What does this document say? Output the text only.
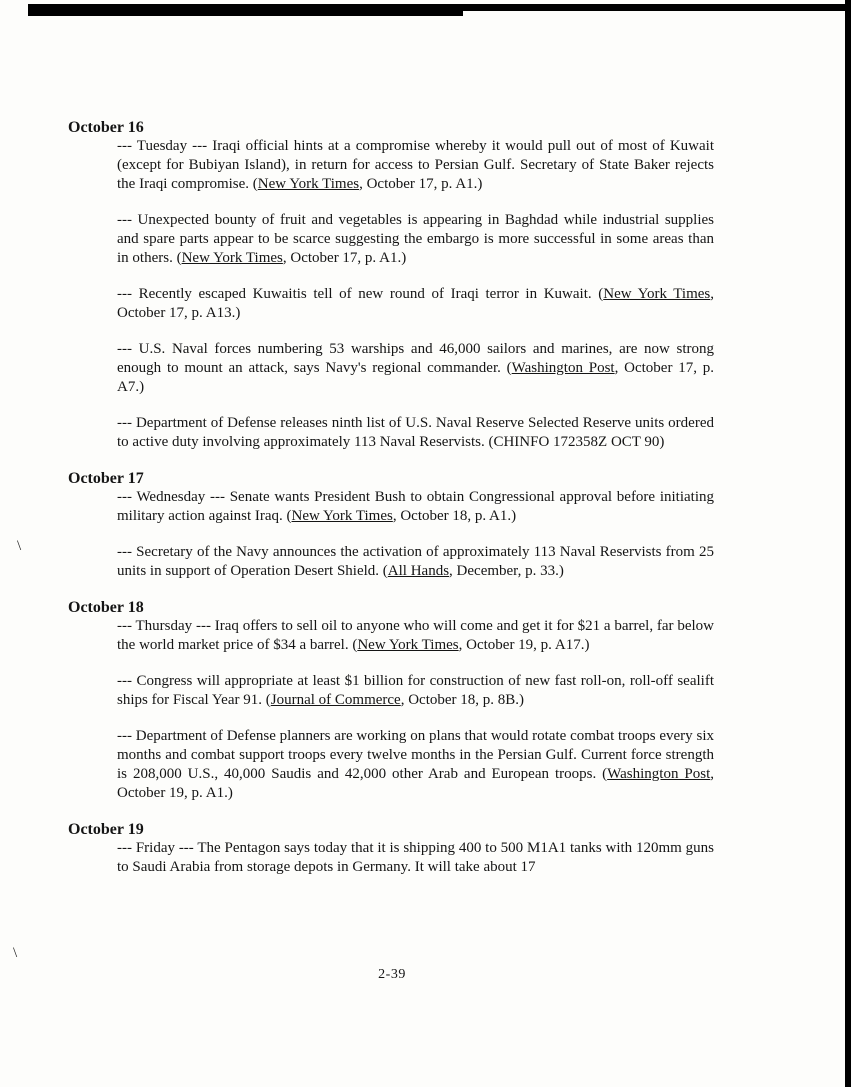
\
\
October 16

--- Tuesday --- Iraqi official hints at a compromise whereby it would pull out of most of Kuwait (except for Bubiyan Island), in return for access to Persian Gulf. Secretary of State Baker rejects the Iraqi compromise. (New York Times, October 17, p. A1.)

--- Unexpected bounty of fruit and vegetables is appearing in Baghdad while industrial supplies and spare parts appear to be scarce suggesting the embargo is more successful in some areas than in others. (New York Times, October 17, p. A1.)

--- Recently escaped Kuwaitis tell of new round of Iraqi terror in Kuwait. (New York Times, October 17, p. A13.)

--- U.S. Naval forces numbering 53 warships and 46,000 sailors and marines, are now strong enough to mount an attack, says Navy's regional commander. (Washington Post, October 17, p. A7.)

--- Department of Defense releases ninth list of U.S. Naval Reserve Selected Reserve units ordered to active duty involving approximately 113 Naval Reservists. (CHINFO 172358Z OCT 90)

October 17

--- Wednesday --- Senate wants President Bush to obtain Congressional approval before initiating military action against Iraq. (New York Times, October 18, p. A1.)

--- Secretary of the Navy announces the activation of approximately 113 Naval Reservists from 25 units in support of Operation Desert Shield. (All Hands, December, p. 33.)

October 18

--- Thursday --- Iraq offers to sell oil to anyone who will come and get it for $21 a barrel, far below the world market price of $34 a barrel. (New York Times, October 19, p. A17.)

--- Congress will appropriate at least $1 billion for construction of new fast roll-on, roll-off sealift ships for Fiscal Year 91. (Journal of Commerce, October 18, p. 8B.)

--- Department of Defense planners are working on plans that would rotate combat troops every six months and combat support troops every twelve months in the Persian Gulf. Current force strength is 208,000 U.S., 40,000 Saudis and 42,000 other Arab and European troops. (Washington Post, October 19, p. A1.)

October 19

--- Friday --- The Pentagon says today that it is shipping 400 to 500 M1A1 tanks with 120mm guns to Saudi Arabia from storage depots in Germany. It will take about 17

2-39
